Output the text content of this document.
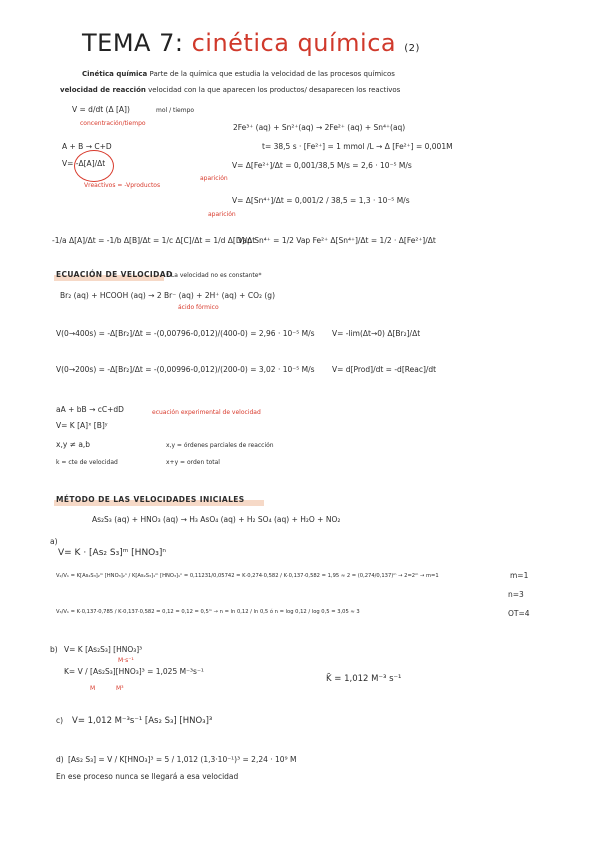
TEMA 7: cinética química (2)
Cinética química Parte de la química que estudia la velocidad de las procesos químicos
velocidad de reacción velocidad con la que aparecen los productos/ desaparecen los reactivos
V = d/dt (Δ [A])	mol / tiempo
concentración/tiempo
A + B → C+D
V= -Δ[A]/Δt
Vreactivos = -Vproductos
2Fe³⁺ (aq) + Sn²⁺(aq) → 2Fe²⁺ (aq) + Sn⁴⁺(aq)
t= 38,5 s · [Fe²⁺] = 1 mmol /L → Δ [Fe²⁺] = 0,001M
V= Δ[Fe²⁺]/Δt = 0,001/38,5 M/s = 2,6 · 10⁻⁵ M/s
aparición
V= Δ[Sn⁴⁺]/Δt = 0,001/2 / 38,5 = 1,3 · 10⁻⁵ M/s
aparición
-1/a Δ[A]/Δt = -1/b Δ[B]/Δt = 1/c Δ[C]/Δt = 1/d Δ[D]/Δt
Vap Sn⁴⁺ = 1/2 Vap Fe²⁺ Δ[Sn⁴⁺]/Δt = 1/2 · Δ[Fe²⁺]/Δt
ECUACIÓN DE VELOCIDAD
* La velocidad no es constante*
Br₂ (aq) + HCOOH (aq) → 2 Br⁻ (aq) + 2H⁺ (aq) + CO₂ (g)
ácido fórmico
V(0→400s) = -Δ[Br₂]/Δt = -(0,00796-0,012)/(400-0) = 2,96 · 10⁻⁵ M/s V= -lim(Δt→0) Δ[Br₂]/Δt
V(0→200s) = -Δ[Br₂]/Δt = -(0,00996-0,012)/(200-0) = 3,02 · 10⁻⁵ M/s V= d[Prod]/dt = -d[Reac]/dt
aA + bB → cC+dD	ecuación experimental de velocidad
V= K [A]ˣ [B]ʸ
x,y ≠ a,b	x,y = órdenes parciales de reacción
k = cte de velocidad	x+y = orden total
MÉTODO DE LAS VELOCIDADES INICIALES
As₂S₃ (aq) + HNO₃ (aq) → H₃ AsO₄ (aq) + H₂ SO₄ (aq) + H₂O + NO₂
a)
V= K · [As₂ S₃]ᵐ [HNO₃]ⁿ
V₂/V₁ = K[As₂S₃]₂ᵐ [HNO₃]₂ⁿ / K[As₂S₃]₁ᵐ [HNO₃]₁ⁿ = 0,11231/0,05742 = K·0,274·0,582 / K·0,137·0,582 = 1,95 ≈ 2 = (0,274/0,137)ᵐ → 2=2ᵐ → m=1	m=1
n=3
V₃/V₁ = K·0,137·0,785 / K·0,137·0,582 = 0,12 = 0,12 = 0,5ᵐ → n = ln 0,12 / ln 0,5 ó n = log 0,12 / log 0,5 = 3,05 ≈ 3	OT=4
b) V= K [As₂S₃] [HNO₃]³
K= V / [As₂S₃][HNO₃]³ = 1,025 M⁻³s⁻¹
M·s⁻¹
M	M³
K̄ = 1,012 M⁻³ s⁻¹
c) V= 1,012 M⁻³s⁻¹ [As₂ S₃] [HNO₃]³
d) [As₂ S₃] = V / K[HNO₃]³ = 5 / 1,012 (1,3·10⁻¹)³ = 2,24 · 10⁹ M
En ese proceso nunca se llegará a esa velocidad
